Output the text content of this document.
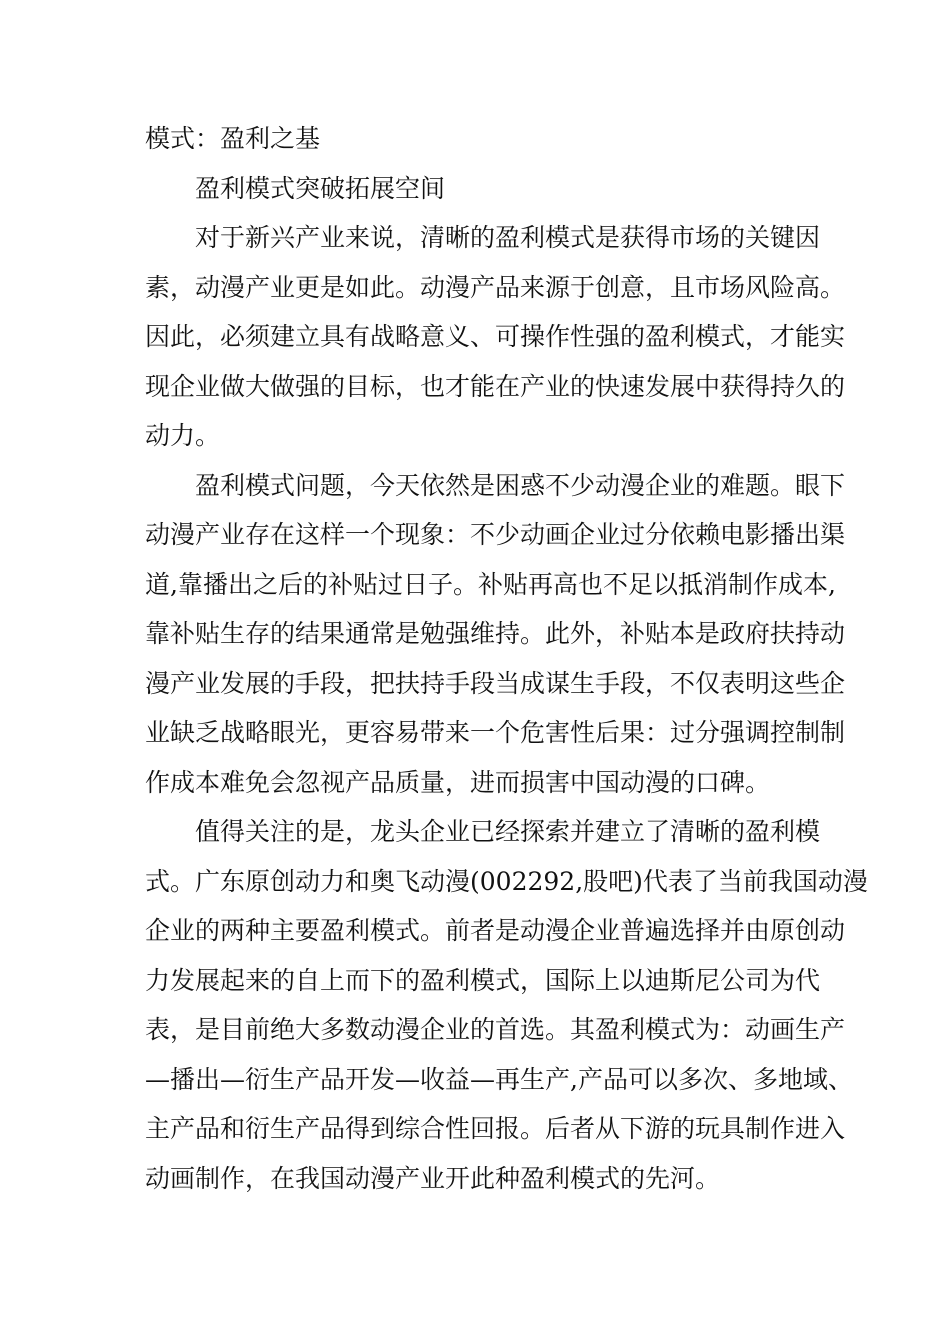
模式：盈利之基
盈利模式突破拓展空间
对于新兴产业来说，清晰的盈利模式是获得市场的关键因
素，动漫产业更是如此。动漫产品来源于创意，且市场风险高。
因此，必须建立具有战略意义、可操作性强的盈利模式，才能实
现企业做大做强的目标，也才能在产业的快速发展中获得持久的
动力。
盈利模式问题，今天依然是困惑不少动漫企业的难题。眼下
动漫产业存在这样一个现象：不少动画企业过分依赖电影播出渠
道,靠播出之后的补贴过日子。补贴再高也不足以抵消制作成本,
靠补贴生存的结果通常是勉强维持。此外，补贴本是政府扶持动
漫产业发展的手段，把扶持手段当成谋生手段，不仅表明这些企
业缺乏战略眼光，更容易带来一个危害性后果：过分强调控制制
作成本难免会忽视产品质量，进而损害中国动漫的口碑。
值得关注的是，龙头企业已经探索并建立了清晰的盈利模
式。广东原创动力和奥飞动漫(002292,股吧)代表了当前我国动漫
企业的两种主要盈利模式。前者是动漫企业普遍选择并由原创动
力发展起来的自上而下的盈利模式，国际上以迪斯尼公司为代
表，是目前绝大多数动漫企业的首选。其盈利模式为：动画生产
—播出—衍生产品开发—收益—再生产,产品可以多次、多地域、
主产品和衍生产品得到综合性回报。后者从下游的玩具制作进入
动画制作，在我国动漫产业开此种盈利模式的先河。
